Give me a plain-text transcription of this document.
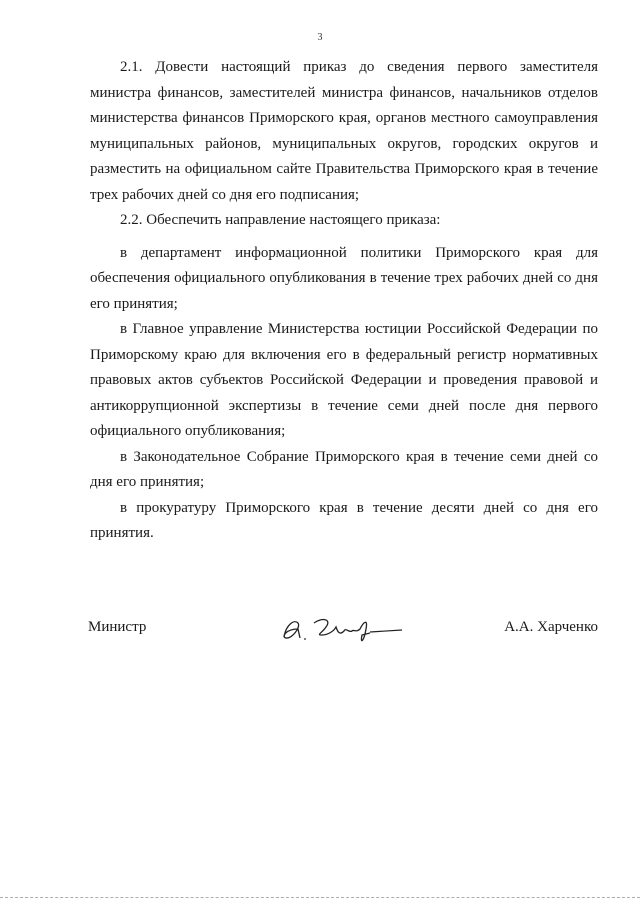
3

2.1. Довести настоящий приказ до сведения первого заместителя министра финансов, заместителей министра финансов, начальников отделов министерства финансов Приморского края, органов местного самоуправления муниципальных районов, муниципальных округов, городских округов и разместить на официальном сайте Правительства Приморского края в течение трех рабочих дней со дня его подписания;

2.2. Обеспечить направление настоящего приказа:

в департамент информационной политики Приморского края для обеспечения официального опубликования в течение трех рабочих дней со дня его принятия;

в Главное управление Министерства юстиции Российской Федерации по Приморскому краю для включения его в федеральный регистр нормативных правовых актов субъектов Российской Федерации и проведения правовой и антикоррупционной экспертизы в течение семи дней после дня первого официального опубликования;

в Законодательное Собрание Приморского края в течение семи дней со дня его принятия;

в прокуратуру Приморского края в течение десяти дней со дня его принятия.

Министр	А.А. Харченко
